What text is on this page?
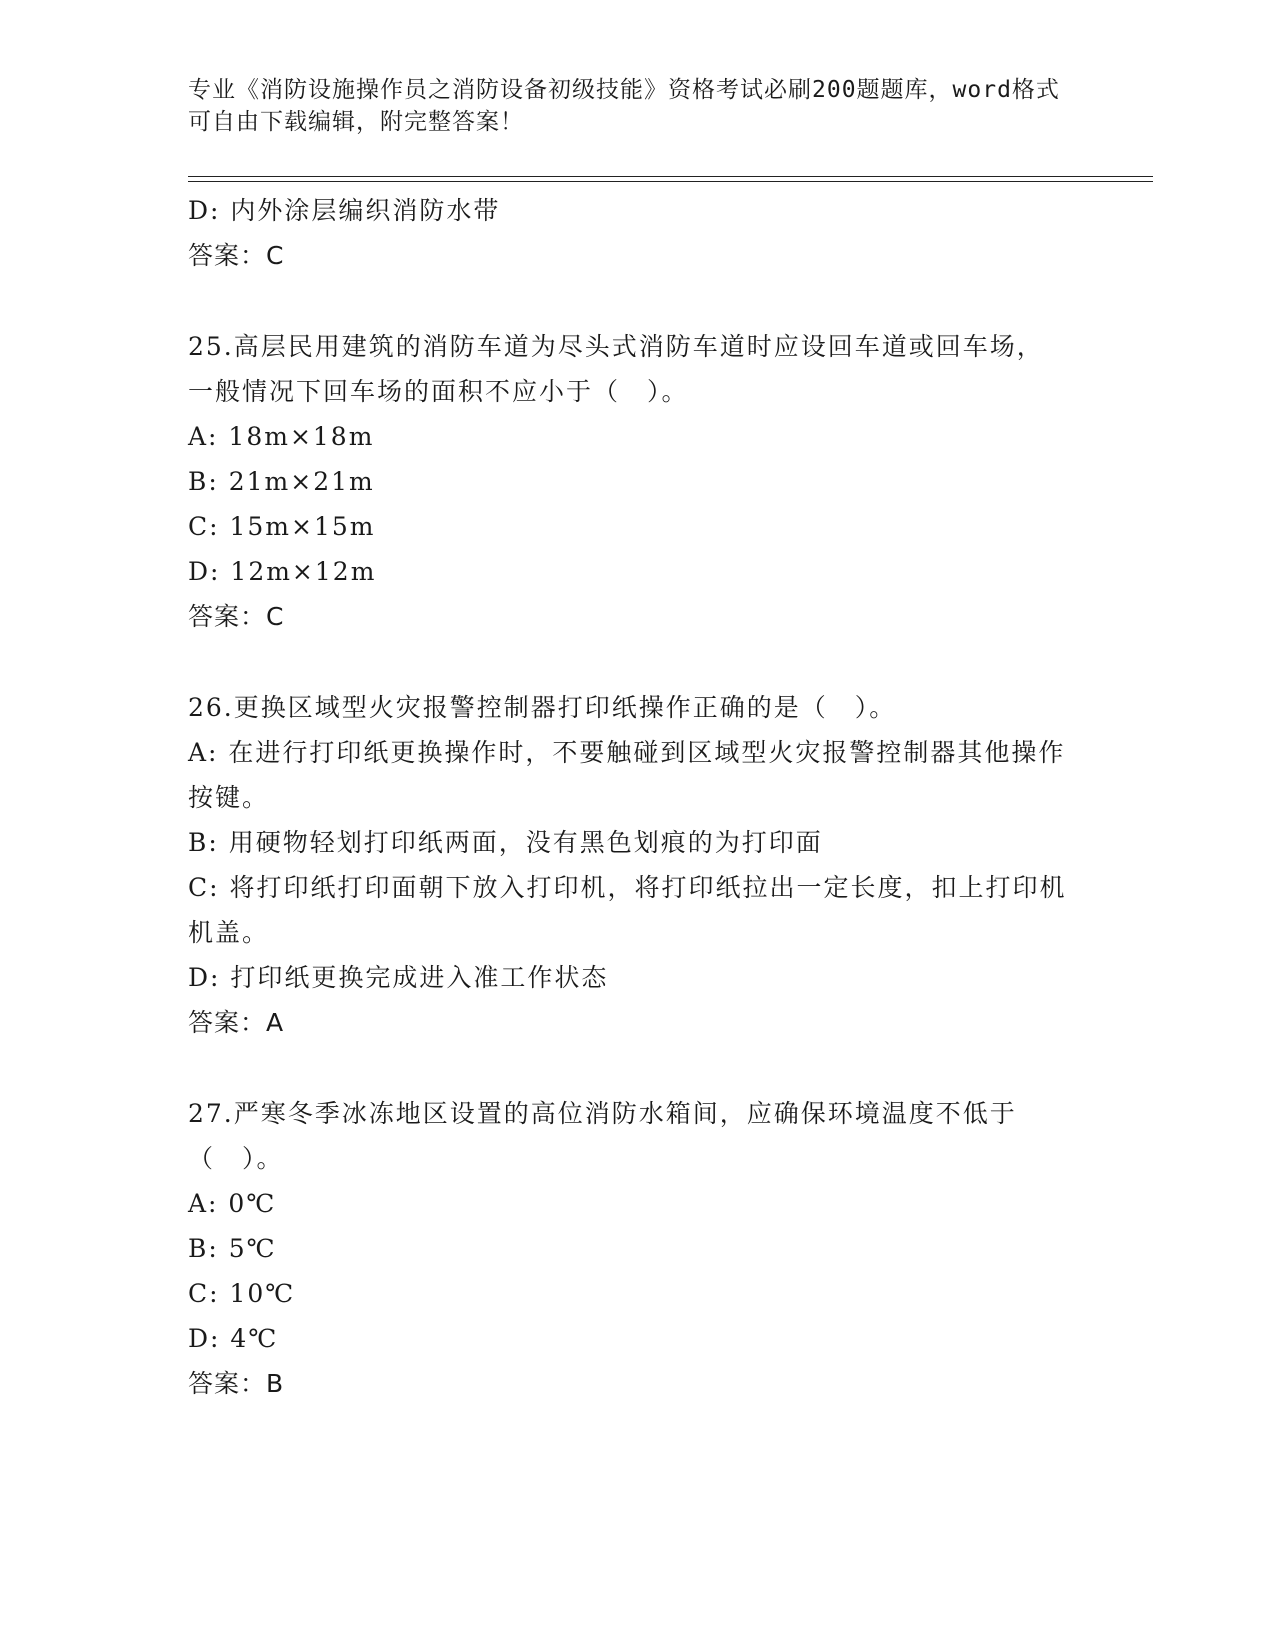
专业《消防设施操作员之消防设备初级技能》资格考试必刷200题题库，word格式可自由下载编辑，附完整答案！
D: 内外涂层编织消防水带
答案：C
25.高层民用建筑的消防车道为尽头式消防车道时应设回车道或回车场，一般情况下回车场的面积不应小于（　）。
A: 18m×18m
B: 21m×21m
C: 15m×15m
D: 12m×12m
答案：C
26.更换区域型火灾报警控制器打印纸操作正确的是（　）。
A: 在进行打印纸更换操作时，不要触碰到区域型火灾报警控制器其他操作按键。
B: 用硬物轻划打印纸两面，没有黑色划痕的为打印面
C: 将打印纸打印面朝下放入打印机，将打印纸拉出一定长度，扣上打印机机盖。
D: 打印纸更换完成进入准工作状态
答案：A
27.严寒冬季冰冻地区设置的高位消防水箱间，应确保环境温度不低于（　）。
A: 0℃
B: 5℃
C: 10℃
D: 4℃
答案：B
